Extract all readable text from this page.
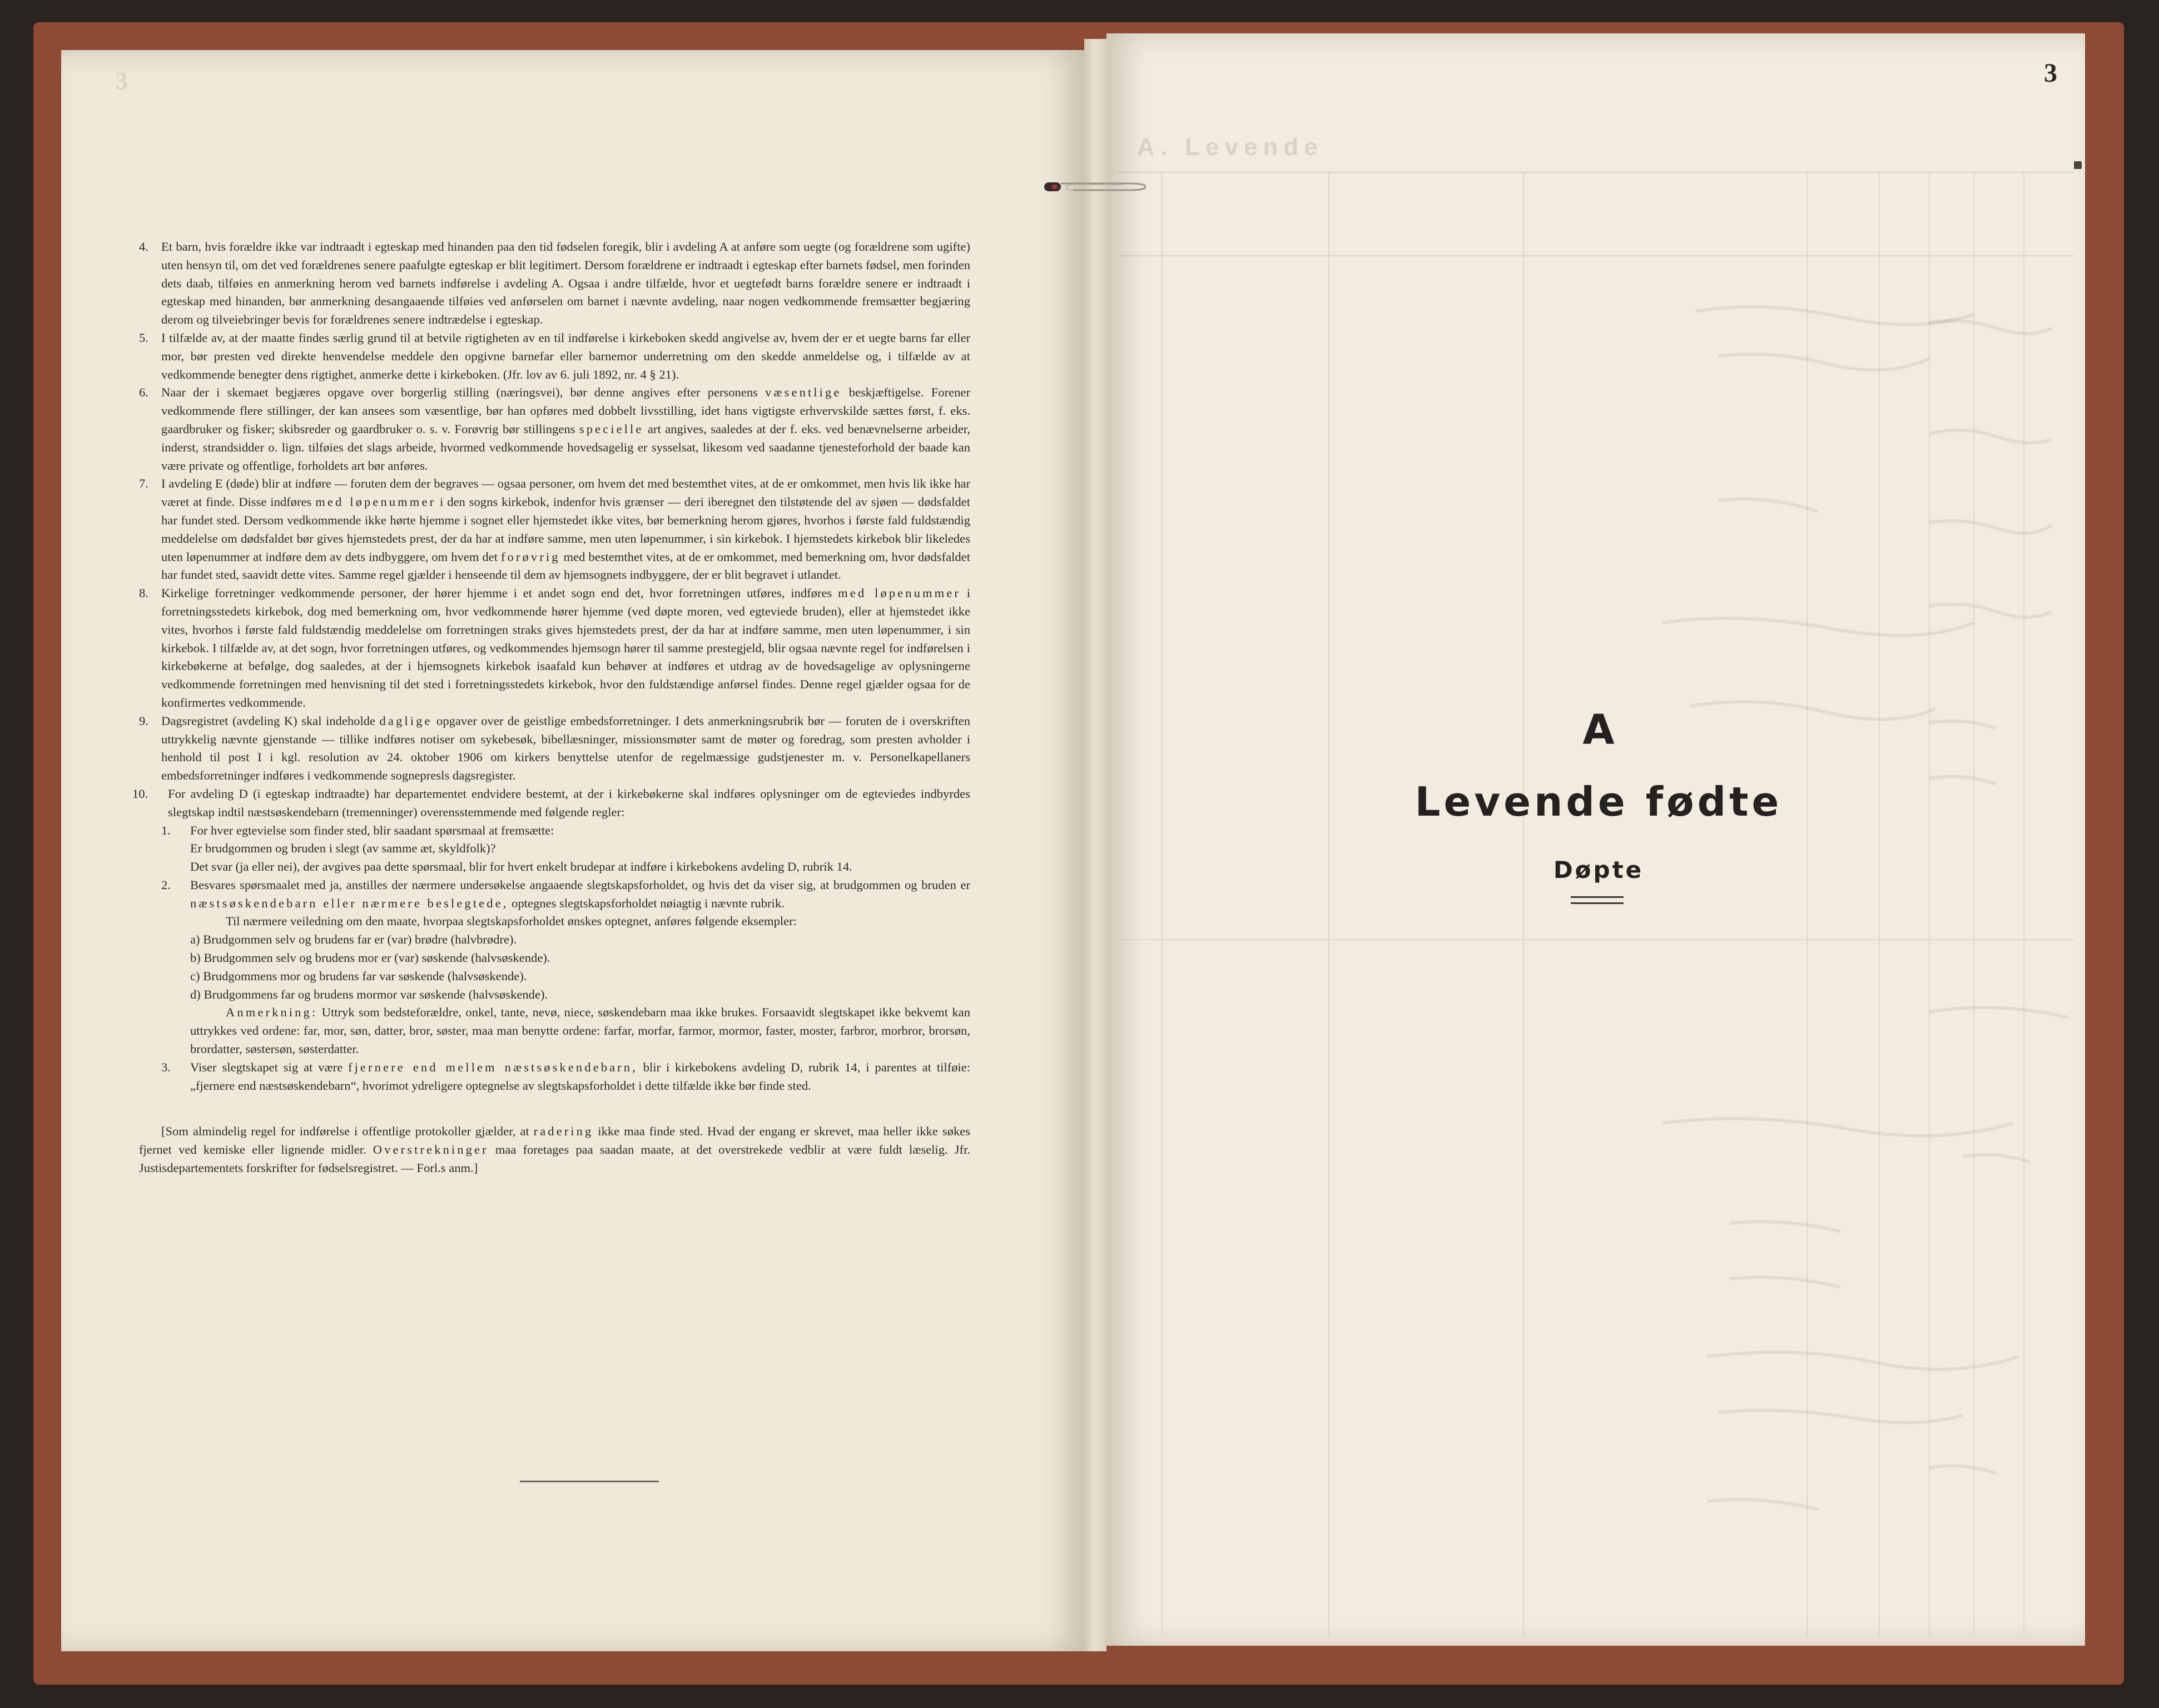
3
A. Levende

4. Et barn, hvis forældre ikke var indtraadt i egteskap med hinanden paa den tid fødselen foregik, blir i avdeling A at anføre som uegte (og forældrene som ugifte) uten hensyn til, om det ved forældrenes senere paafulgte egteskap er blit legitimert. Dersom forældrene er indtraadt i egteskap efter barnets fødsel, men forinden dets daab, tilføies en anmerkning herom ved barnets indførelse i avdeling A. Ogsaa i andre tilfælde, hvor et uegtefødt barns forældre senere er indtraadt i egteskap med hinanden, bør anmerkning desangaaende tilføies ved anførselen om barnet i nævnte avdeling, naar nogen vedkommende fremsætter begjæring derom og tilveiebringer bevis for forældrenes senere indtrædelse i egteskap.

5. I tilfælde av, at der maatte findes særlig grund til at betvile rigtigheten av en til indførelse i kirkeboken skedd angivelse av, hvem der er et uegte barns far eller mor, bør presten ved direkte henvendelse meddele den opgivne barnefar eller barnemor underretning om den skedde anmeldelse og, i tilfælde av at vedkommende benegter dens rigtighet, anmerke dette i kirkeboken. (Jfr. lov av 6. juli 1892, nr. 4 § 21).

6. Naar der i skemaet begjæres opgave over borgerlig stilling (næringsvei), bør denne angives efter personens væsentlige beskjæftigelse. Forener vedkommende flere stillinger, der kan ansees som væsentlige, bør han opføres med dobbelt livsstilling, idet hans vigtigste erhvervskilde sættes først, f. eks. gaardbruker og fisker; skibsreder og gaardbruker o. s. v. Forøvrig bør stillingens specielle art angives, saaledes at der f. eks. ved benævnelserne arbeider, inderst, strandsidder o. lign. tilføies det slags arbeide, hvormed vedkommende hovedsagelig er sysselsat, likesom ved saadanne tjenesteforhold der baade kan være private og offentlige, forholdets art bør anføres.

7. I avdeling E (døde) blir at indføre — foruten dem der begraves — ogsaa personer, om hvem det med bestemthet vites, at de er omkommet, men hvis lik ikke har været at finde. Disse indføres med løpenummer i den sogns kirkebok, indenfor hvis grænser — deri iberegnet den tilstøtende del av sjøen — dødsfaldet har fundet sted. Dersom vedkommende ikke hørte hjemme i sognet eller hjemstedet ikke vites, bør bemerkning herom gjøres, hvorhos i første fald fuldstændig meddelelse om dødsfaldet bør gives hjemstedets prest, der da har at indføre samme, men uten løpenummer, i sin kirkebok. I hjemstedets kirkebok blir likeledes uten løpenummer at indføre dem av dets indbyggere, om hvem det forøvrig med bestemthet vites, at de er omkommet, med bemerkning om, hvor dødsfaldet har fundet sted, saavidt dette vites. Samme regel gjælder i henseende til dem av hjemsognets indbyggere, der er blit begravet i utlandet.

8. Kirkelige forretninger vedkommende personer, der hører hjemme i et andet sogn end det, hvor forretningen utføres, indføres med løpenummer i forretningsstedets kirkebok, dog med bemerkning om, hvor vedkommende hører hjemme (ved døpte moren, ved egteviede bruden), eller at hjemstedet ikke vites, hvorhos i første fald fuldstændig meddelelse om forretningen straks gives hjemstedets prest, der da har at indføre samme, men uten løpenummer, i sin kirkebok. I tilfælde av, at det sogn, hvor forretningen utføres, og vedkommendes hjemsogn hører til samme prestegjeld, blir ogsaa nævnte regel for indførelsen i kirkebøkerne at befølge, dog saaledes, at der i hjemsognets kirkebok isaafald kun behøver at indføres et utdrag av de hovedsagelige av oplysningerne vedkommende forretningen med henvisning til det sted i forretningsstedets kirkebok, hvor den fuldstændige anførsel findes. Denne regel gjælder ogsaa for de konfirmertes vedkommende.

9. Dagsregistret (avdeling K) skal indeholde daglige opgaver over de geistlige embedsforretninger. I dets anmerkningsrubrik bør — foruten de i overskriften uttrykkelig nævnte gjenstande — tillike indføres notiser om sykebesøk, bibellæsninger, missionsmøter samt de møter og foredrag, som presten avholder i henhold til post I i kgl. resolution av 24. oktober 1906 om kirkers benyttelse utenfor de regelmæssige gudstjenester m. v. Personelkapellaners embedsforretninger indføres i vedkommende sognepresls dagsregister.

10. For avdeling D (i egteskap indtraadte) har departementet endvidere bestemt, at der i kirkebøkerne skal indføres oplysninger om de egteviedes indbyrdes slegtskap indtil næstsøskendebarn (tremenninger) overensstemmende med følgende regler:

1. For hver egtevielse som finder sted, blir saadant spørsmaal at fremsætte:

Er brudgommen og bruden i slegt (av samme æt, skyldfolk)?

Det svar (ja eller nei), der avgives paa dette spørsmaal, blir for hvert enkelt brudepar at indføre i kirkebokens avdeling D, rubrik 14.

2. Besvares spørsmaalet med ja, anstilles der nærmere undersøkelse angaaende slegtskapsforholdet, og hvis det da viser sig, at brudgommen og bruden er næstsøskendebarn eller nærmere beslegtede, optegnes slegtskapsforholdet nøiagtig i nævnte rubrik.

Til nærmere veiledning om den maate, hvorpaa slegtskapsforholdet ønskes optegnet, anføres følgende eksempler:

a) Brudgommen selv og brudens far er (var) brødre (halvbrødre).

b) Brudgommen selv og brudens mor er (var) søskende (halvsøskende).

c) Brudgommens mor og brudens far var søskende (halvsøskende).

d) Brudgommens far og brudens mormor var søskende (halvsøskende).

Anmerkning: Uttryk som bedsteforældre, onkel, tante, nevø, niece, søskendebarn maa ikke brukes. Forsaavidt slegtskapet ikke bekvemt kan uttrykkes ved ordene: far, mor, søn, datter, bror, søster, maa man benytte ordene: farfar, morfar, farmor, mormor, faster, moster, farbror, morbror, brorsøn, brordatter, søstersøn, søsterdatter.

3. Viser slegtskapet sig at være fjernere end mellem næstsøskendebarn, blir i kirkebokens avdeling D, rubrik 14, i parentes at tilføie: „fjernere end næstsøskendebarn“, hvorimot ydreligere optegnelse av slegtskapsforholdet i dette tilfælde ikke bør finde sted.

[Som almindelig regel for indførelse i offentlige protokoller gjælder, at radering ikke maa finde sted. Hvad der engang er skrevet, maa heller ikke søkes fjernet ved kemiske eller lignende midler. Overstrekninger maa foretages paa saadan maate, at det overstrekede vedblir at være fuldt læselig. Jfr. Justisdepartementets forskrifter for fødselsregistret. — Forl.s anm.]

3
A
Levende fødte
Døpte
